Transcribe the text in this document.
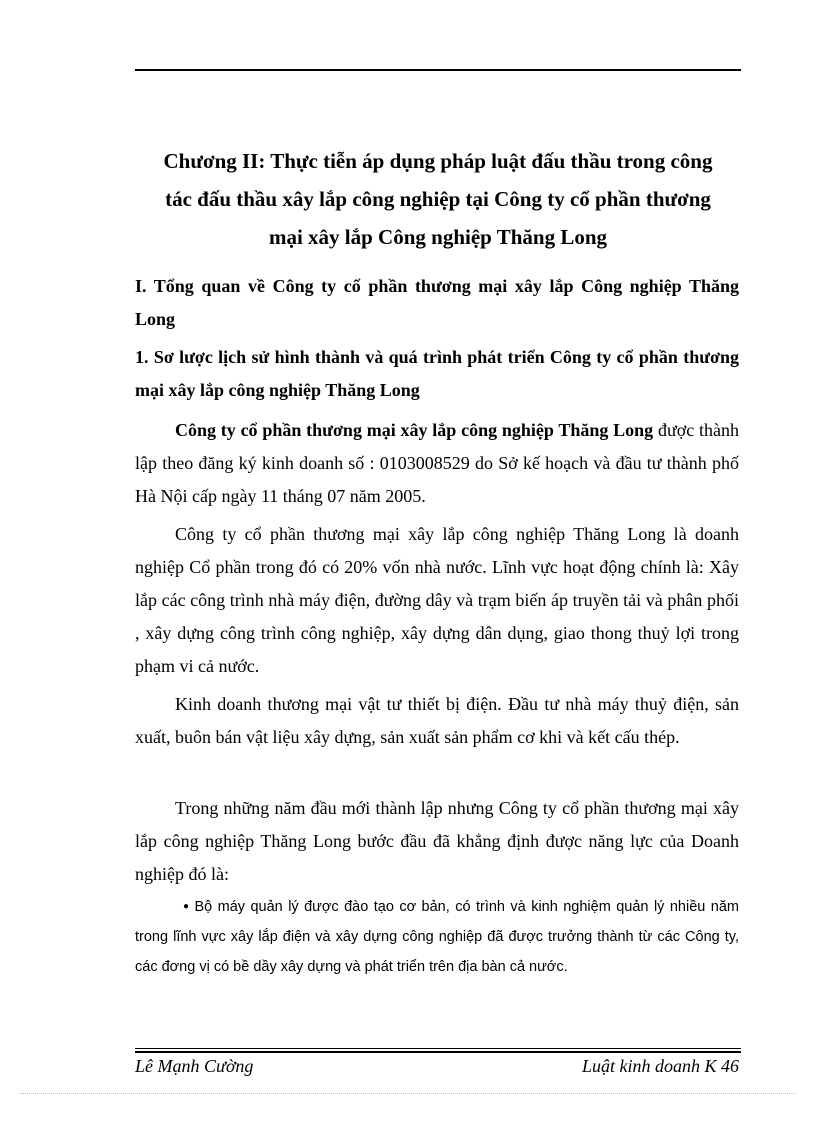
Chương II: Thực tiễn áp dụng pháp luật đấu thầu trong công
tác đấu thầu xây lắp công nghiệp tại Công ty cổ phần thương
mại xây lắp Công nghiệp Thăng Long
I. Tổng quan về Công ty cổ phần thương mại xây lắp Công nghiệp Thăng Long
1. Sơ lược lịch sử hình thành và quá trình phát triển Công ty cổ phần thương mại xây lắp công nghiệp Thăng Long
Công ty cổ phần thương mại xây lắp công nghiệp Thăng Long được thành lập theo đăng ký kinh doanh số : 0103008529 do Sở kế hoạch và đầu tư thành phố Hà Nội cấp ngày 11 tháng 07 năm 2005.
Công ty cổ phần thương mại xây lắp công nghiệp Thăng Long là doanh nghiệp Cổ phần trong đó có 20% vốn nhà nước. Lĩnh vực hoạt động chính là: Xây lắp các công trình nhà máy điện, đường dây và trạm biến áp truyền tải và phân phối , xây dựng công trình công nghiệp, xây dựng dân dụng, giao thong thuỷ lợi trong phạm vi cả nước.
Kinh doanh thương mại vật tư thiết bị điện. Đầu tư nhà máy thuỷ điện, sản xuất, buôn bán vật liệu xây dựng, sản xuất sản phẩm cơ khi và kết cấu thép.
Trong những năm đầu mới thành lập nhưng Công ty cổ phần thương mại xây lắp công nghiệp Thăng Long bước đầu đã khẳng định được năng lực của Doanh nghiệp đó là:
● Bộ máy quản lý được đào tạo cơ bản, có trình và kinh nghiệm quản lý nhiều năm trong lĩnh vực xây lắp điện và xây dựng công nghiệp đã được trưởng thành từ các Công ty, các đơng vị có bề dầy xây dựng và phát triển trên địa bàn cả nước.
Lê Mạnh Cường	Luật kinh doanh K 46
